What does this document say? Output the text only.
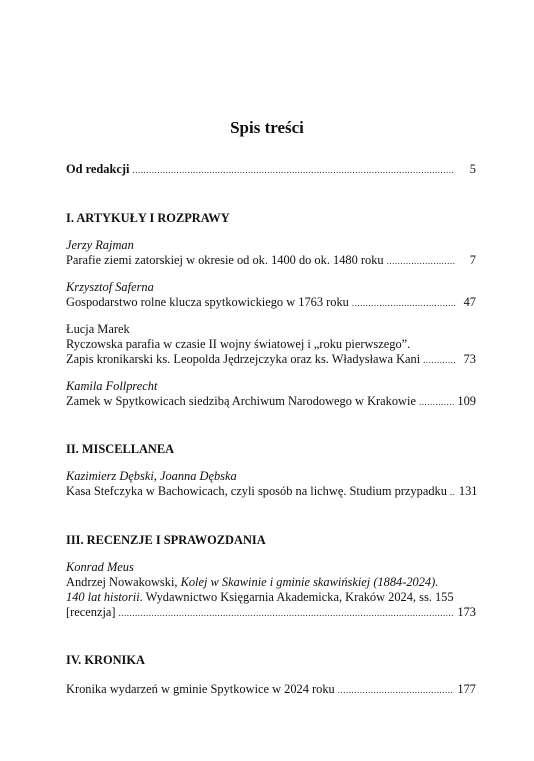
Spis treści
Od redakcji .....	5
I. ARTYKUŁY I ROZPRAWY
Jerzy Rajman
Parafie ziemi zatorskiej w okresie od ok. 1400 do ok. 1480 roku .....	7
Krzysztof Saferna
Gospodarstwo rolne klucza spytkowickiego w 1763 roku .....	47
Łucja Marek
Ryczowska parafia w czasie II wojny światowej i „roku pierwszego”.
Zapis kronikarski ks. Leopolda Jędrzejczyka oraz ks. Władysława Kani .....	73
Kamila Follprecht
Zamek w Spytkowicach siedzibą Archiwum Narodowego w Krakowie .....	109
II. MISCELLANEA
Kazimierz Dębski, Joanna Dębska
Kasa Stefczyka w Bachowicach, czyli sposób na lichwę. Studium przypadku ..... 131
III. RECENZJE I SPRAWOZDANIA
Konrad Meus
Andrzej Nowakowski, Kolej w Skawinie i gminie skawińskiej (1884-2024).
140 lat historii. Wydawnictwo Księgarnia Akademicka, Kraków 2024, ss. 155
[recenzja] .....	173
IV. KRONIKA
Kronika wydarzeń w gminie Spytkowice w 2024 roku .....	177
